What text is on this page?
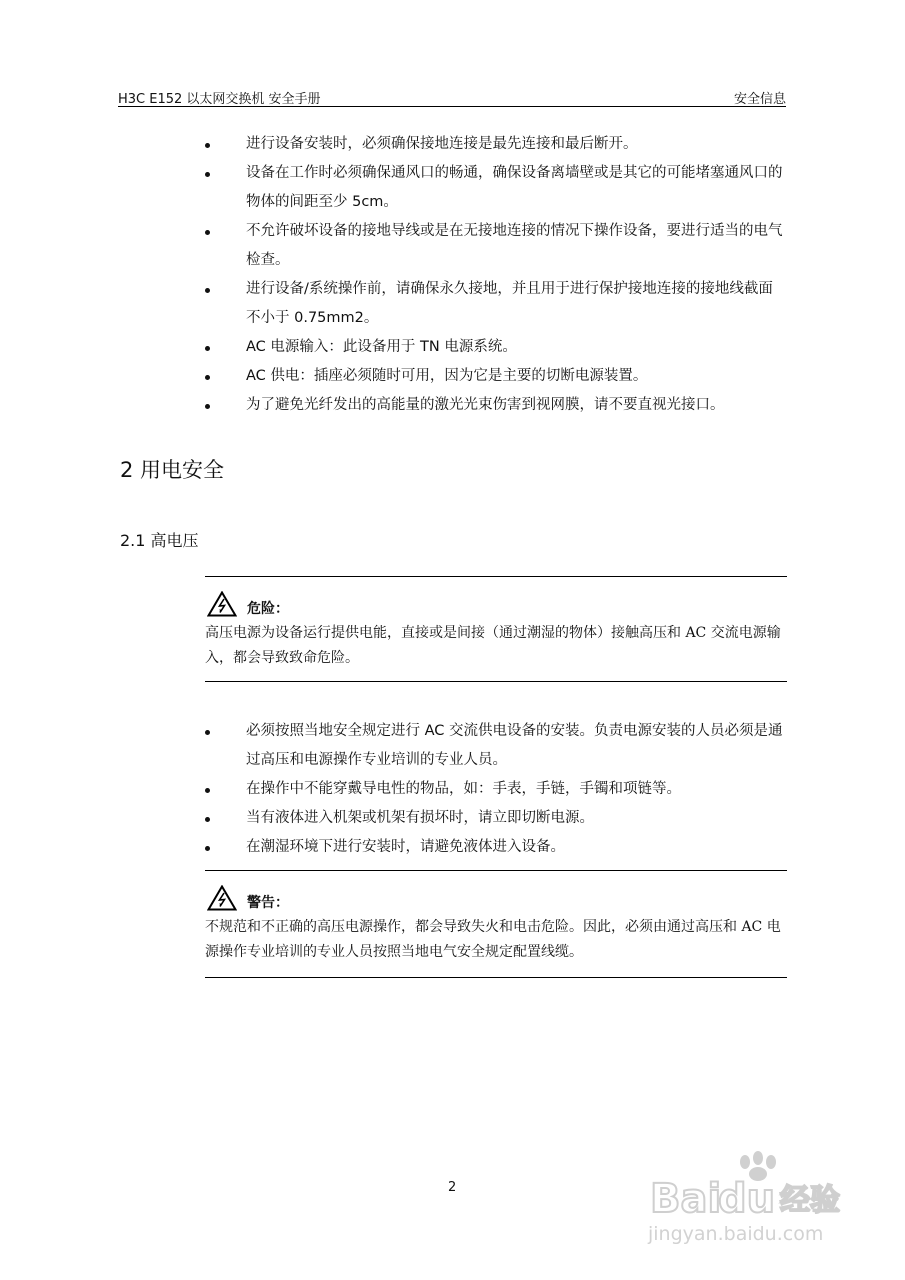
H3C E152 以太网交换机 安全手册	安全信息
进行设备安装时，必须确保接地连接是最先连接和最后断开。
设备在工作时必须确保通风口的畅通，确保设备离墙壁或是其它的可能堵塞通风口的物体的间距至少 5cm。
不允许破坏设备的接地导线或是在无接地连接的情况下操作设备，要进行适当的电气检查。
进行设备/系统操作前，请确保永久接地，并且用于进行保护接地连接的接地线截面不小于 0.75mm2。
AC 电源输入：此设备用于 TN 电源系统。
AC 供电：插座必须随时可用，因为它是主要的切断电源装置。
为了避免光纤发出的高能量的激光光束伤害到视网膜，请不要直视光接口。
2 用电安全
2.1 高电压
危险：
高压电源为设备运行提供电能，直接或是间接（通过潮湿的物体）接触高压和 AC 交流电源输入，都会导致致命危险。
必须按照当地安全规定进行 AC 交流供电设备的安装。负责电源安装的人员必须是通过高压和电源操作专业培训的专业人员。
在操作中不能穿戴导电性的物品，如：手表，手链，手镯和项链等。
当有液体进入机架或机架有损坏时，请立即切断电源。
在潮湿环境下进行安装时，请避免液体进入设备。
警告：
不规范和不正确的高压电源操作，都会导致失火和电击危险。因此，必须由通过高压和 AC 电源操作专业培训的专业人员按照当地电气安全规定配置线缆。
2	Bai
du 经验
jingyan.baidu.com
